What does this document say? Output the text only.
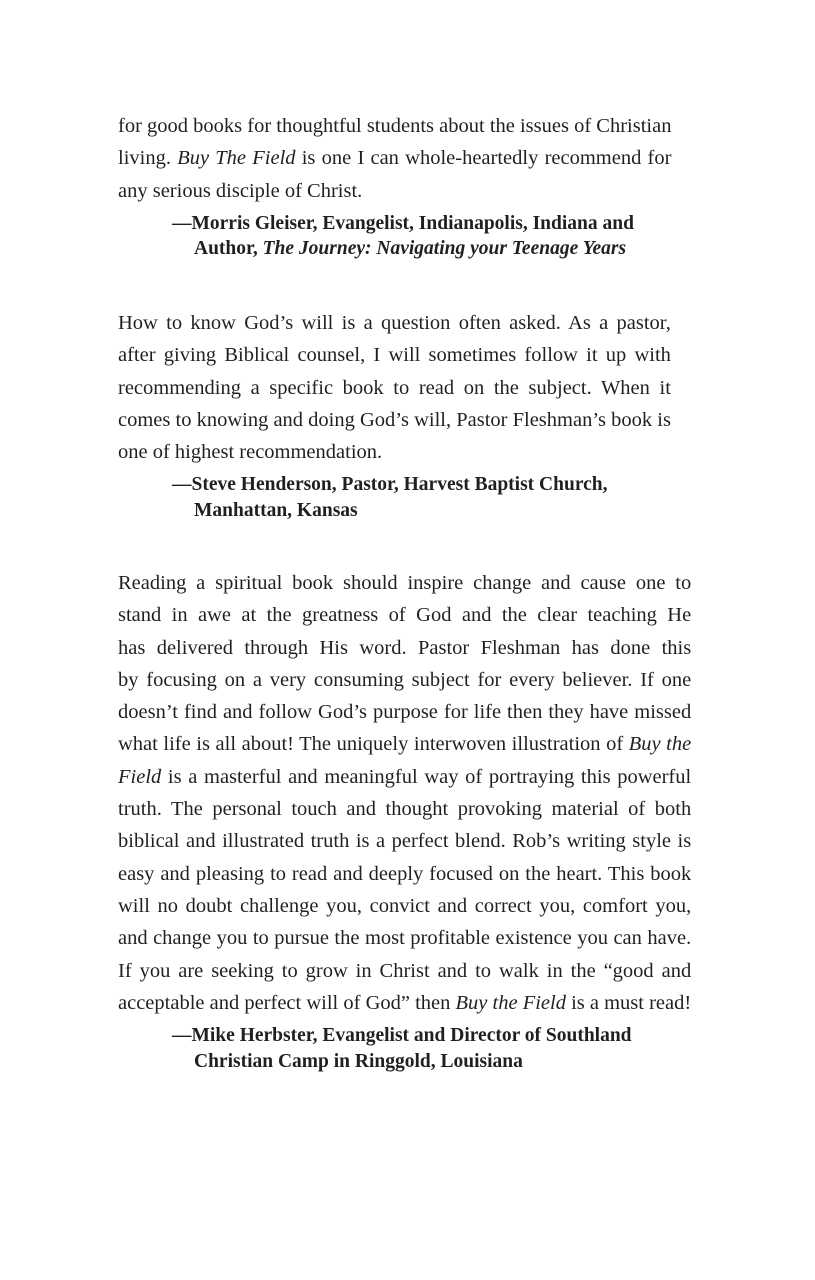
for good books for thoughtful students about the issues of Christian
living. Buy The Field is one I can whole-heartedly recommend for
any serious disciple of Christ.

—Morris Gleiser, Evangelist, Indianapolis, Indiana and
Author, The Journey: Navigating your Teenage Years

How to know God’s will is a question often asked. As a pastor,
after giving Biblical counsel, I will sometimes follow it up with
recommending a specific book to read on the subject. When it
comes to knowing and doing God’s will, Pastor Fleshman’s book is
one of highest recommendation.

—Steve Henderson, Pastor, Harvest Baptist Church,
Manhattan, Kansas

Reading a spiritual book should inspire change and cause one to
stand in awe at the greatness of God and the clear teaching He
has delivered through His word. Pastor Fleshman has done this
by focusing on a very consuming subject for every believer. If one
doesn’t find and follow God’s purpose for life then they have missed
what life is all about! The uniquely interwoven illustration of Buy the
Field is a masterful and meaningful way of portraying this powerful
truth. The personal touch and thought provoking material of both
biblical and illustrated truth is a perfect blend. Rob’s writing style is
easy and pleasing to read and deeply focused on the heart. This book
will no doubt challenge you, convict and correct you, comfort you,
and change you to pursue the most profitable existence you can have.
If you are seeking to grow in Christ and to walk in the “good and
acceptable and perfect will of God” then Buy the Field is a must read!

—Mike Herbster, Evangelist and Director of Southland
Christian Camp in Ringgold, Louisiana
